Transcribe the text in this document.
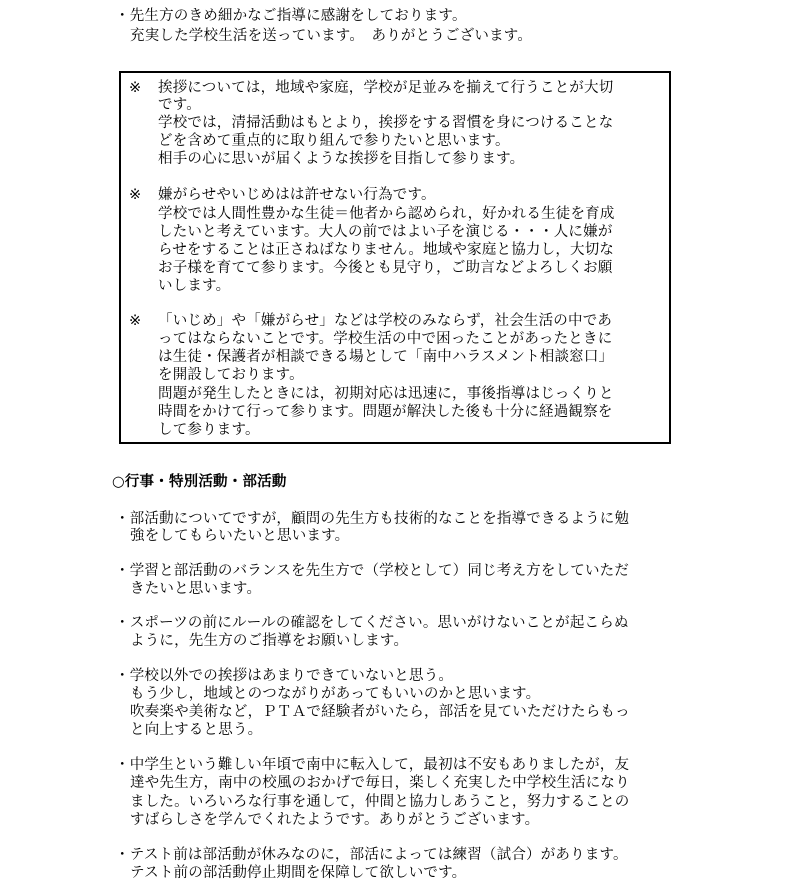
・先生方のきめ細かなご指導に感謝をしております。
充実した学校生活を送っています。　ありがとうございます。
※ 挨拶については，地域や家庭，学校が足並みを揃えて行うことが大切
です。
学校では，清掃活動はもとより，挨拶をする習慣を身につけることな
どを含めて重点的に取り組んで参りたいと思います。
相手の心に思いが届くような挨拶を目指して参ります。
※ 嫌がらせやいじめはは許せない行為です。
学校では人間性豊かな生徒＝他者から認められ，好かれる生徒を育成
したいと考えています。大人の前ではよい子を演じる・・・人に嫌が
らせをすることは正さねばなりません。地域や家庭と協力し，大切な
お子様を育てて参ります。今後とも見守り，ご助言などよろしくお願
いします。
※ 「いじめ」や「嫌がらせ」などは学校のみならず，社会生活の中であ
ってはならないことです。学校生活の中で困ったことがあったときに
は生徒・保護者が相談できる場として「南中ハラスメント相談窓口」
を開設しております。
問題が発生したときには，初期対応は迅速に，事後指導はじっくりと
時間をかけて行って参ります。問題が解決した後も十分に経過観察を
して参ります。
○行事・特別活動・部活動
・部活動についてですが，顧問の先生方も技術的なことを指導できるように勉
強をしてもらいたいと思います。
・学習と部活動のバランスを先生方で（学校として）同じ考え方をしていただ
きたいと思います。
・スポーツの前にルールの確認をしてください。思いがけないことが起こらぬ
ように，先生方のご指導をお願いします。
・学校以外での挨拶はあまりできていないと思う。
もう少し，地域とのつながりがあってもいいのかと思います。
吹奏楽や美術など，ＰＴＡで経験者がいたら，部活を見ていただけたらもっ
と向上すると思う。
・中学生という難しい年頃で南中に転入して，最初は不安もありましたが，友
達や先生方，南中の校風のおかげで毎日，楽しく充実した中学校生活になり
ました。いろいろな行事を通して，仲間と協力しあうこと，努力することの
すばらしさを学んでくれたようです。ありがとうございます。
・テスト前は部活動が休みなのに，部活によっては練習（試合）があります。
テスト前の部活動停止期間を保障して欲しいです。
